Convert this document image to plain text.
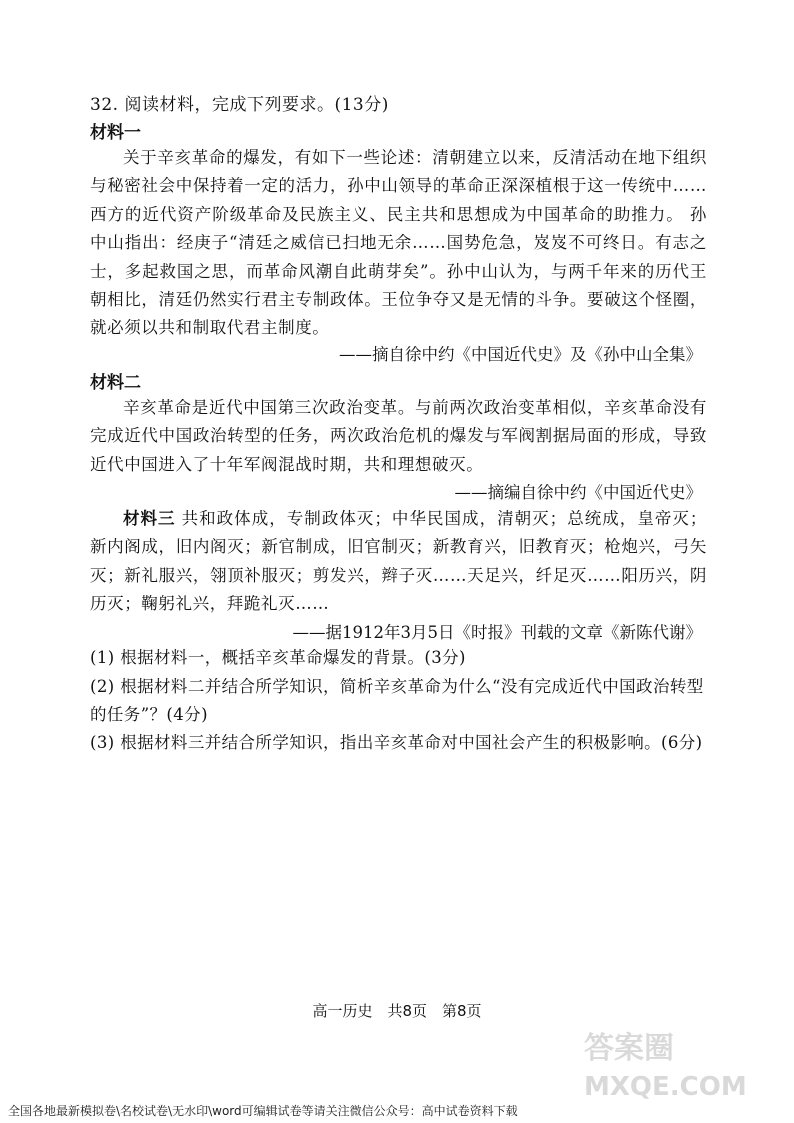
32. 阅读材料，完成下列要求。(13分)
材料一
关于辛亥革命的爆发，有如下一些论述：清朝建立以来，反清活动在地下组织与秘密社会中保持着一定的活力，孙中山领导的革命正深深植根于这一传统中……西方的近代资产阶级革命及民族主义、民主共和思想成为中国革命的助推力。 孙中山指出：经庚子“清廷之威信已扫地无余……国势危急，岌岌不可终日。有志之士，多起救国之思，而革命风潮自此萌芽矣”。孙中山认为，与两千年来的历代王朝相比，清廷仍然实行君主专制政体。王位争夺又是无情的斗争。要破这个怪圈，就必须以共和制取代君主制度。
——摘自徐中约《中国近代史》及《孙中山全集》
材料二
辛亥革命是近代中国第三次政治变革。与前两次政治变革相似，辛亥革命没有完成近代中国政治转型的任务，两次政治危机的爆发与军阀割据局面的形成，导致近代中国进入了十年军阀混战时期，共和理想破灭。
——摘编自徐中约《中国近代史》
材料三 共和政体成，专制政体灭；中华民国成，清朝灭；总统成，皇帝灭；新内阁成，旧内阁灭；新官制成，旧官制灭；新教育兴，旧教育灭；枪炮兴，弓矢灭；新礼服兴，翎顶补服灭；剪发兴，辫子灭……天足兴，纤足灭……阳历兴，阴历灭；鞠躬礼兴，拜跪礼灭……
——据1912年3月5日《时报》刊载的文章《新陈代谢》
(1) 根据材料一，概括辛亥革命爆发的背景。(3分)
(2) 根据材料二并结合所学知识，简析辛亥革命为什么“没有完成近代中国政治转型的任务”？(4分)
(3) 根据材料三并结合所学知识，指出辛亥革命对中国社会产生的积极影响。(6分)
高一历史　共8页　第8页
答案圈
MXQE.COM
全国各地最新模拟卷\名校试卷\无水印\word可编辑试卷等请关注微信公众号：高中试卷资料下载
